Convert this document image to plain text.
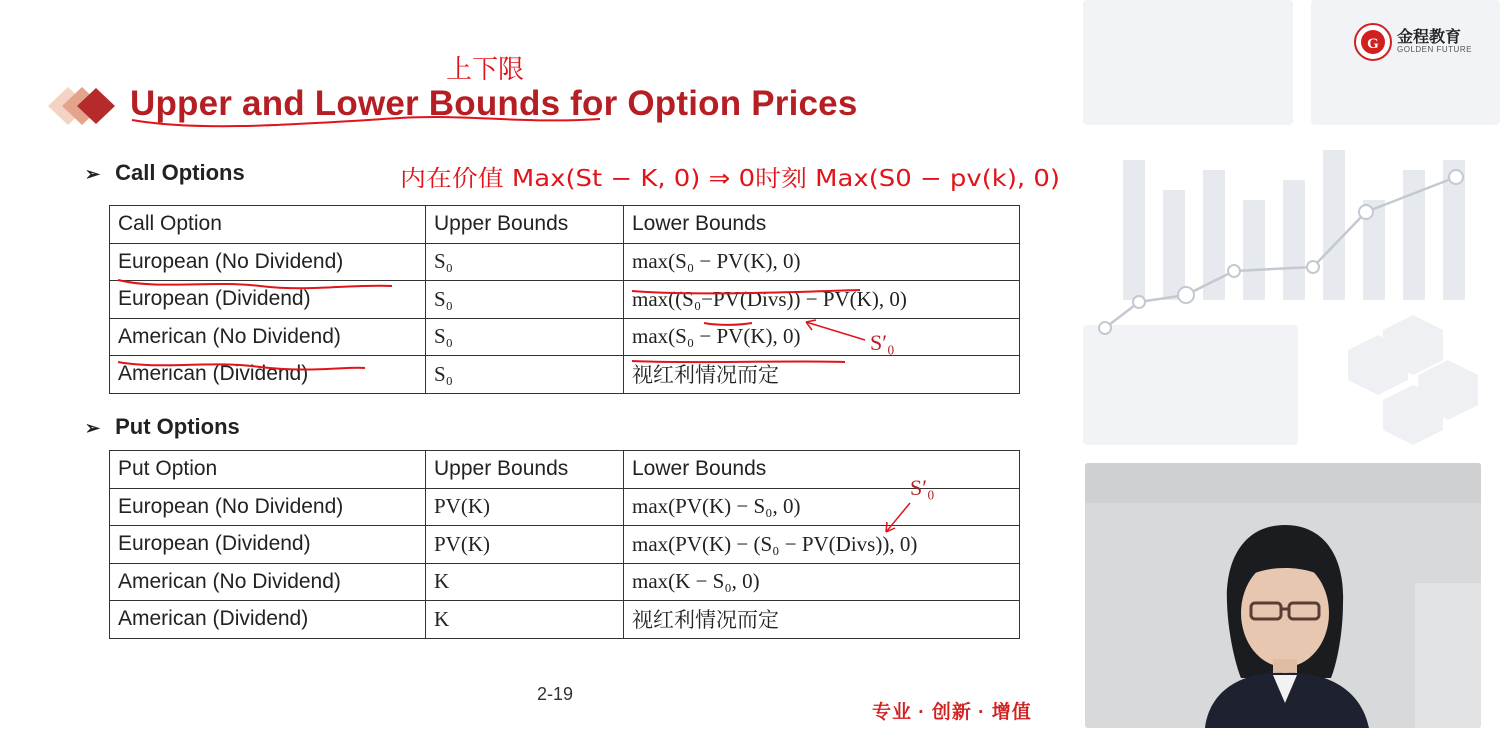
Upper and Lower Bounds for Option Prices
➢ Call Options
Call Option	Upper Bounds	Lower Bounds
European (No Dividend)	S₀	max(S₀ − PV(K), 0)
European (Dividend)	S₀	max((S₀−PV(Divs)) − PV(K), 0)
American (No Dividend)	S₀	max(S₀ − PV(K), 0)
American (Dividend)	S₀	视红利情况而定
➢ Put Options
Put Option	Upper Bounds	Lower Bounds
European (No Dividend)	PV(K)	max(PV(K) − S₀, 0)
European (Dividend)	PV(K)	max(PV(K) − (S₀ − PV(Divs)), 0)
American (No Dividend)	K	max(K − S₀, 0)
American (Dividend)	K	视红利情况而定
2-19
专业 · 创新 · 增值
G 金程教育
GOLDEN FUTURE
上下限
内在价值 Max(St − K, 0) ⇒ 0时刻 Max(S0 − pv(k), 0)
S′₀
S′₀
